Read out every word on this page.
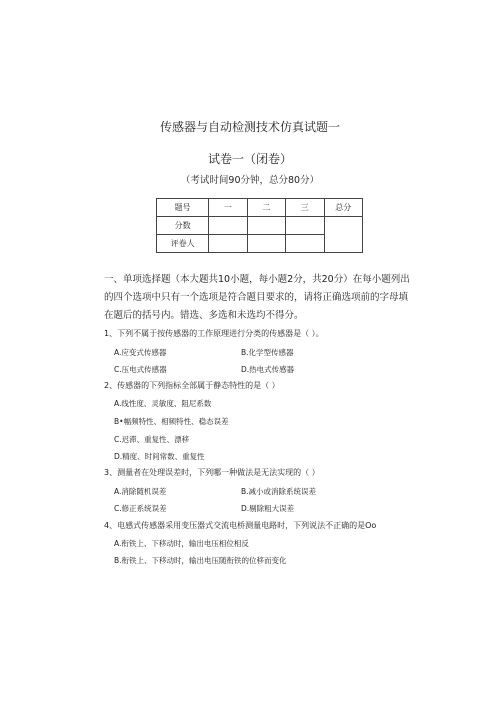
传感器与自动检测技术仿真试题一
试卷一（闭卷）
（考试时间90分钟，总分80分）
题号	一	二	三	总分
分数				
评卷人				
一、单项选择题（本大题共10小题，每小题2分，共20分）在每小题列出的四个选项中只有一个选项是符合题目要求的，请将正确选项前的字母填在题后的括号内。错选、多选和未选均不得分。
1、下列不属于按传感器的工作原理进行分类的传感器是（ ）。
A.应变式传感器	B.化学型传感器
C.压电式传感器	D.热电式传感器
2、传感器的下列指标全部属于静态特性的是（ ）
A.线性度、灵敏度、阻尼系数
B•幅频特性、相频特性、稳态误差
C.迟滞、重复性、漂移
D.精度、时间常数、重复性
3、测量者在处理误差时，下列哪一种做法是无法实现的（ ）
A.消除随机误差	B.减小或消除系统误差
C.修正系统误差	D.剔除粗大误差
4、电感式传感器采用变压器式交流电桥测量电路时，下列说法不正确的是Oo
A.衔铁上、下移动时，输出电压相位相反
B.衔铁上、下移动时，输出电压随衔铁的位移而变化
